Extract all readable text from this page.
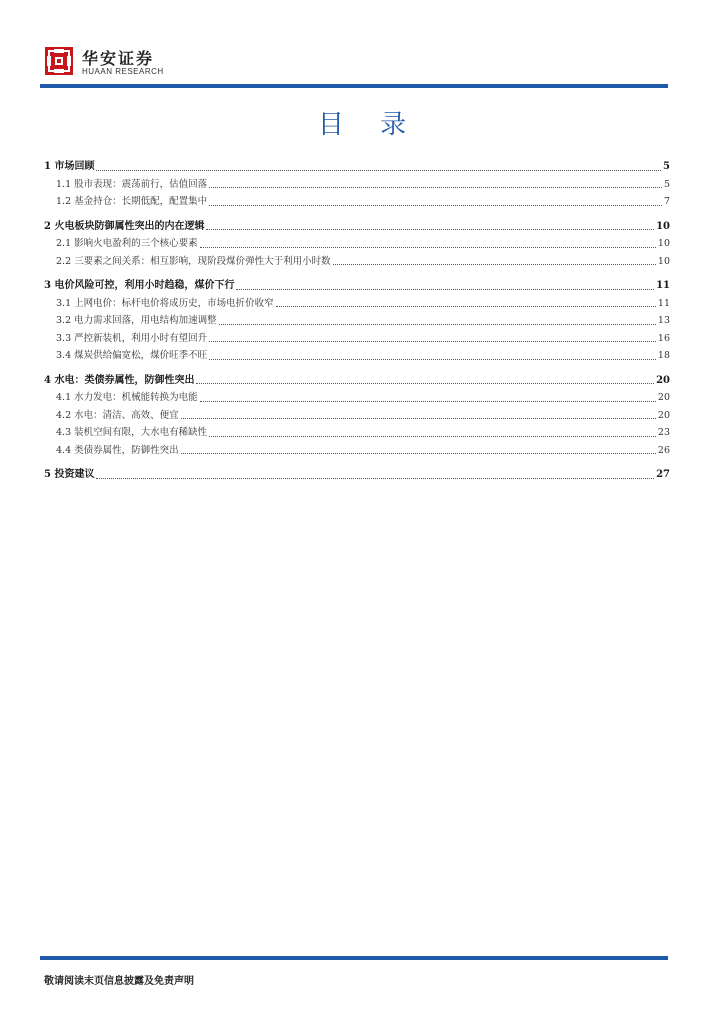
华安证券
HUAAN RESEARCH
目 录
1 市场回顾	5
1.1 股市表现：震荡前行，估值回落	5
1.2 基金持仓：长期低配，配置集中	7
2 火电板块防御属性突出的内在逻辑	10
2.1 影响火电盈利的三个核心要素	10
2.2 三要素之间关系：相互影响，现阶段煤价弹性大于利用小时数	10
3 电价风险可控，利用小时趋稳，煤价下行	11
3.1 上网电价：标杆电价将成历史，市场电折价收窄	11
3.2 电力需求回落，用电结构加速调整	13
3.3 严控新装机，利用小时有望回升	16
3.4 煤炭供给偏宽松，煤价旺季不旺	18
4 水电：类债券属性，防御性突出	20
4.1 水力发电：机械能转换为电能	20
4.2 水电：清洁、高效、便宜	20
4.3 装机空间有限，大水电有稀缺性	23
4.4 类债券属性，防御性突出	26
5 投资建议	27
敬请阅读末页信息披露及免责声明
